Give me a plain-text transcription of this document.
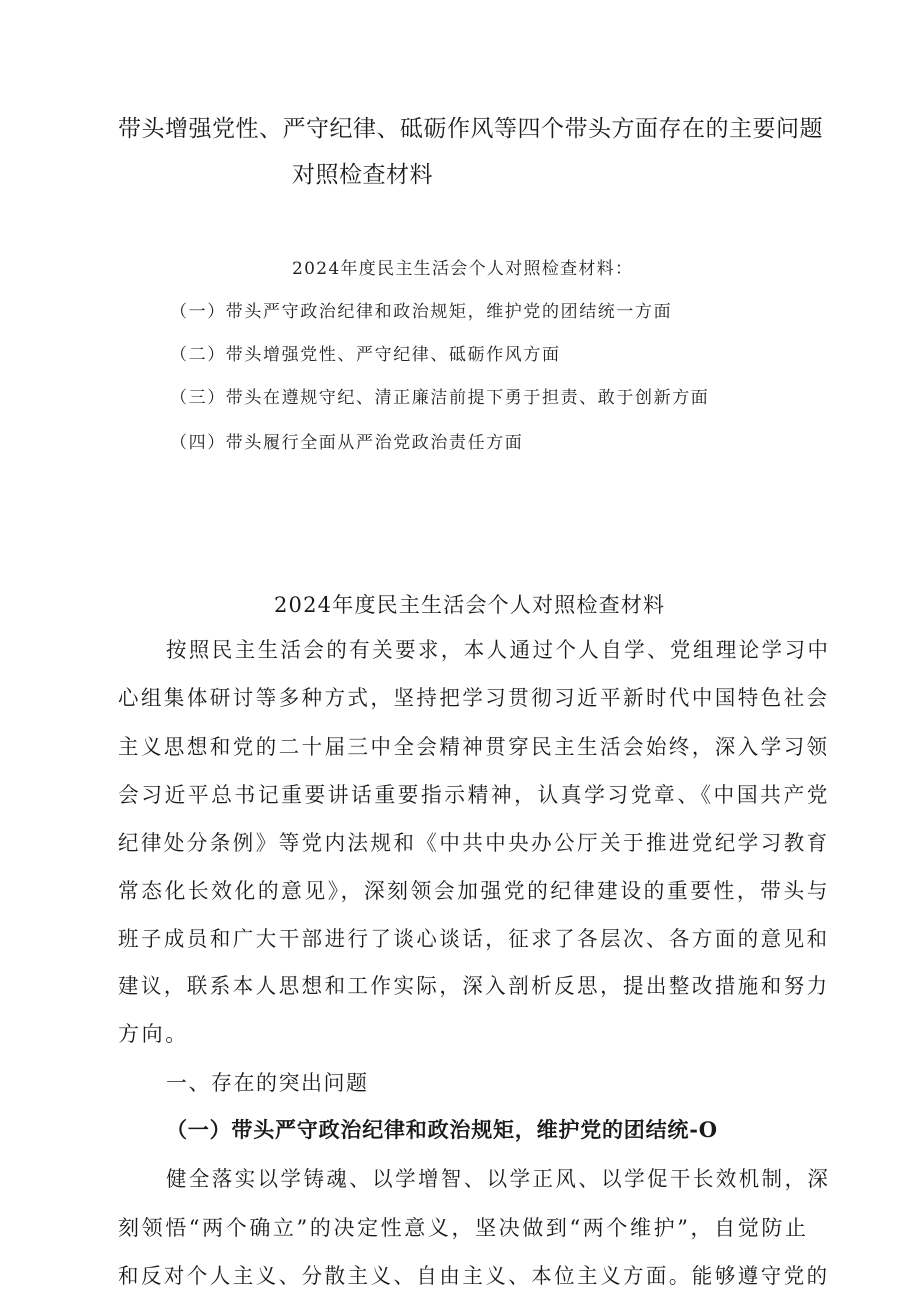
带头增强党性、严守纪律、砥砺作风等四个带头方面存在的主要问题
对照检查材料
2024年度民主生活会个人对照检查材料：
（一）带头严守政治纪律和政治规矩，维护党的团结统一方面
（二）带头增强党性、严守纪律、砥砺作风方面
（三）带头在遵规守纪、清正廉洁前提下勇于担责、敢于创新方面
（四）带头履行全面从严治党政治责任方面
2024年度民主生活会个人对照检查材料
按照民主生活会的有关要求，本人通过个人自学、党组理论学习中
心组集体研讨等多种方式，坚持把学习贯彻习近平新时代中国特色社会
主义思想和党的二十届三中全会精神贯穿民主生活会始终，深入学习领
会习近平总书记重要讲话重要指示精神，认真学习党章、《中国共产党
纪律处分条例》等党内法规和《中共中央办公厅关于推进党纪学习教育
常态化长效化的意见》，深刻领会加强党的纪律建设的重要性，带头与
班子成员和广大干部进行了谈心谈话，征求了各层次、各方面的意见和
建议，联系本人思想和工作实际，深入剖析反思，提出整改措施和努力
方向。
一、存在的突出问题
（一）带头严守政治纪律和政治规矩，维护党的团结统-O
健全落实以学铸魂、以学增智、以学正风、以学促干长效机制，深
刻领悟“两个确立”的决定性意义，坚决做到“两个维护”，自觉防止
和反对个人主义、分散主义、自由主义、本位主义方面。能够遵守党的
